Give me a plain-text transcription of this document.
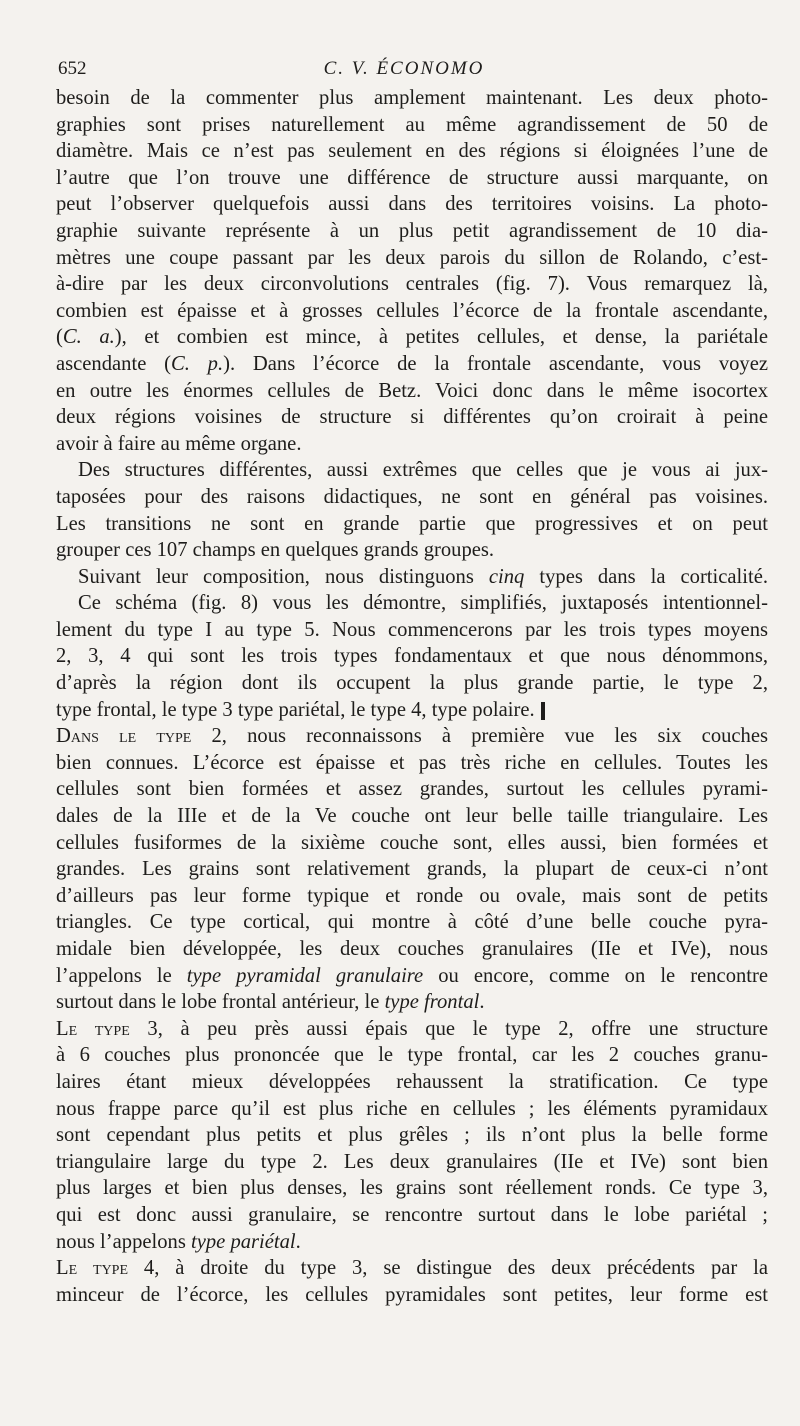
652	C. V. ÉCONOMO
besoin de la commenter plus amplement maintenant. Les deux photo-
graphies sont prises naturellement au même agrandissement de 50 de
diamètre. Mais ce n’est pas seulement en des régions si éloignées l’une de
l’autre que l’on trouve une différence de structure aussi marquante, on
peut l’observer quelquefois aussi dans des territoires voisins. La photo-
graphie suivante représente à un plus petit agrandissement de 10 dia-
mètres une coupe passant par les deux parois du sillon de Rolando, c’est-
à-dire par les deux circonvolutions centrales (fig. 7). Vous remarquez là,
combien est épaisse et à grosses cellules l’écorce de la frontale ascendante,
(C. a.), et combien est mince, à petites cellules, et dense, la pariétale
ascendante (C. p.). Dans l’écorce de la frontale ascendante, vous voyez
en outre les énormes cellules de Betz. Voici donc dans le même isocortex
deux régions voisines de structure si différentes qu’on croirait à peine
avoir à faire au même organe.
Des structures différentes, aussi extrêmes que celles que je vous ai jux-
taposées pour des raisons didactiques, ne sont en général pas voisines.
Les transitions ne sont en grande partie que progressives et on peut
grouper ces 107 champs en quelques grands groupes.
Suivant leur composition, nous distinguons cinq types dans la corticalité.
Ce schéma (fig. 8) vous les démontre, simplifiés, juxtaposés intentionnel-
lement du type I au type 5. Nous commencerons par les trois types moyens
2, 3, 4 qui sont les trois types fondamentaux et que nous dénommons,
d’après la région dont ils occupent la plus grande partie, le type 2,
type frontal, le type 3 type pariétal, le type 4, type polaire.
Dans le type 2, nous reconnaissons à première vue les six couches
bien connues. L’écorce est épaisse et pas très riche en cellules. Toutes les
cellules sont bien formées et assez grandes, surtout les cellules pyrami-
dales de la IIIe et de la Ve couche ont leur belle taille triangulaire. Les
cellules fusiformes de la sixième couche sont, elles aussi, bien formées et
grandes. Les grains sont relativement grands, la plupart de ceux-ci n’ont
d’ailleurs pas leur forme typique et ronde ou ovale, mais sont de petits
triangles. Ce type cortical, qui montre à côté d’une belle couche pyra-
midale bien développée, les deux couches granulaires (IIe et IVe), nous
l’appelons le type pyramidal granulaire ou encore, comme on le rencontre
surtout dans le lobe frontal antérieur, le type frontal.
Le type 3, à peu près aussi épais que le type 2, offre une structure
à 6 couches plus prononcée que le type frontal, car les 2 couches granu-
laires étant mieux développées rehaussent la stratification. Ce type
nous frappe parce qu’il est plus riche en cellules ; les éléments pyramidaux
sont cependant plus petits et plus grêles ; ils n’ont plus la belle forme
triangulaire large du type 2. Les deux granulaires (IIe et IVe) sont bien
plus larges et bien plus denses, les grains sont réellement ronds. Ce type 3,
qui est donc aussi granulaire, se rencontre surtout dans le lobe pariétal ;
nous l’appelons type pariétal.
Le type 4, à droite du type 3, se distingue des deux précédents par la
minceur de l’écorce, les cellules pyramidales sont petites, leur forme est
